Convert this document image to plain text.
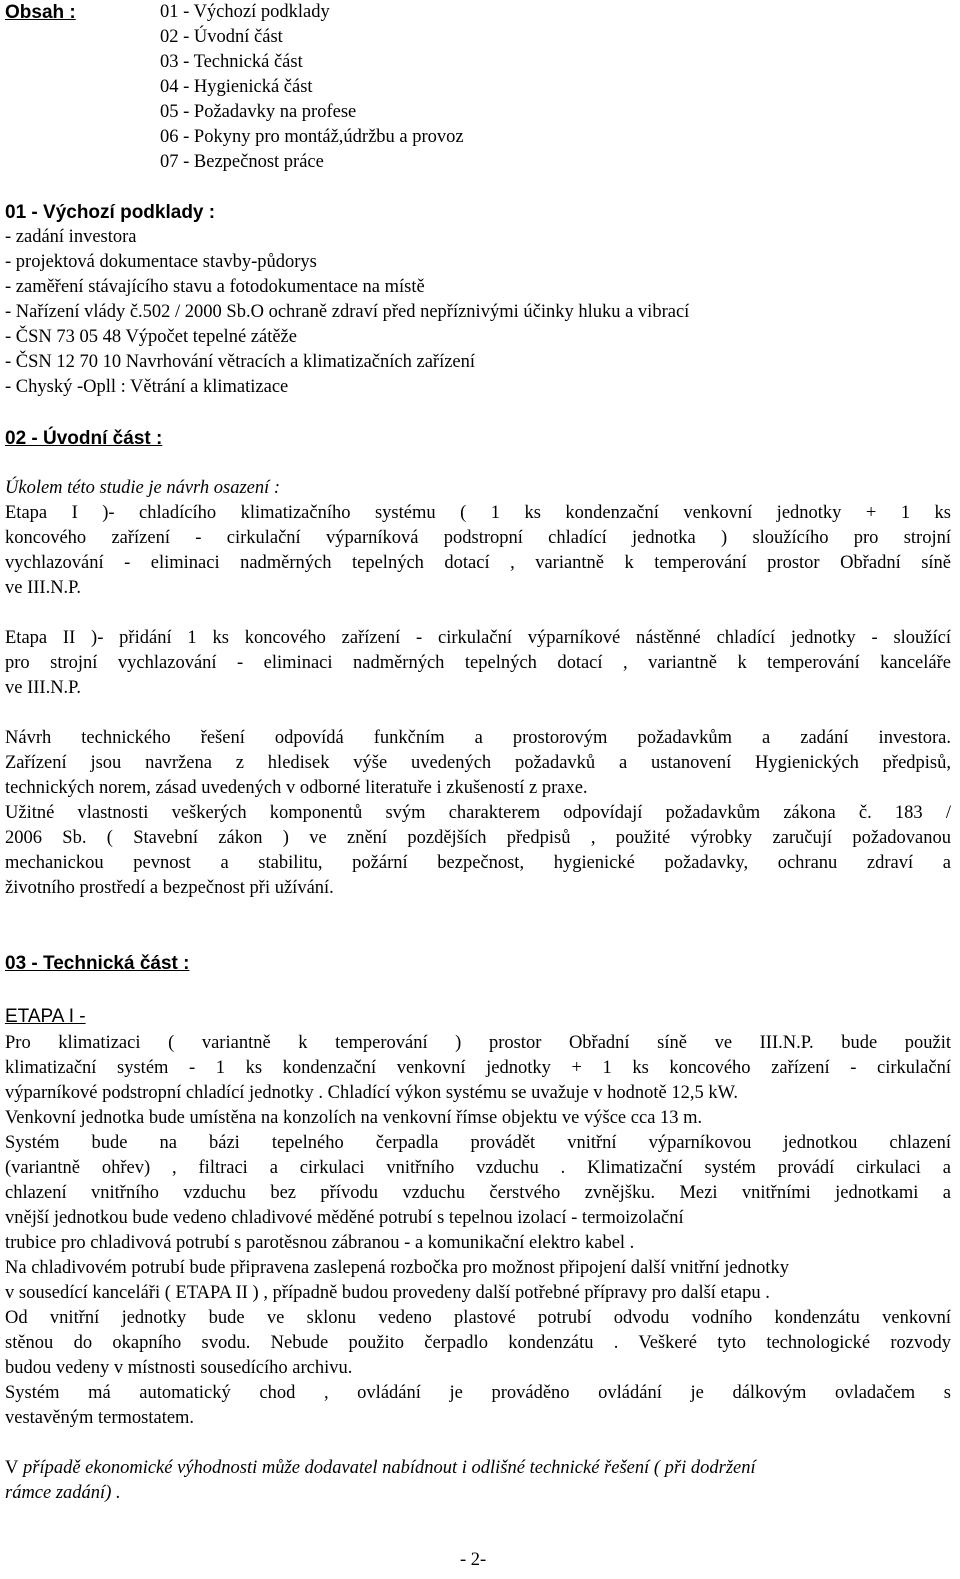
Obsah :	01 - Výchozí podklady
02 - Úvodní část
03 - Technická část
04 - Hygienická část
05 - Požadavky na profese
06 - Pokyny pro montáž,údržbu a provoz
07 - Bezpečnost práce
01 - Výchozí podklady :
- zadání investora
- projektová dokumentace stavby-půdorys
- zaměření stávajícího stavu a fotodokumentace na místě
- Nařízení vlády č.502 / 2000 Sb.O ochraně zdraví před nepříznivými účinky hluku a vibrací
- ČSN 73 05 48 Výpočet tepelné zátěže
- ČSN 12 70 10 Navrhování větracích a klimatizačních zařízení
- Chyský -Opll : Větrání a klimatizace
02 - Úvodní část :
Úkolem této studie je návrh osazení :
Etapa I )- chladícího klimatizačního systému ( 1 ks kondenzační venkovní jednotky + 1 ks
koncového zařízení - cirkulační výparníková podstropní chladící jednotka ) sloužícího pro strojní
vychlazování - eliminaci nadměrných tepelných dotací , variantně k temperování prostor Obřadní síně
ve III.N.P.
Etapa II )- přidání 1 ks koncového zařízení - cirkulační výparníkové nástěnné chladící jednotky - sloužící
pro strojní vychlazování - eliminaci nadměrných tepelných dotací , variantně k temperování kanceláře
ve III.N.P.
Návrh technického řešení odpovídá funkčním a prostorovým požadavkům a zadání investora.
Zařízení jsou navržena z hledisek výše uvedených požadavků a ustanovení Hygienických předpisů,
technických norem, zásad uvedených v odborné literatuře i zkušeností z praxe.
Užitné vlastnosti veškerých komponentů svým charakterem odpovídají požadavkům zákona č. 183 /
2006 Sb. ( Stavební zákon ) ve znění pozdějších předpisů , použité výrobky zaručují požadovanou
mechanickou pevnost a stabilitu, požární bezpečnost, hygienické požadavky, ochranu zdraví a
životního prostředí a bezpečnost při užívání.
03 - Technická část :
ETAPA I -
Pro klimatizaci ( variantně k temperování ) prostor Obřadní síně ve III.N.P. bude použit
klimatizační systém - 1 ks kondenzační venkovní jednotky + 1 ks koncového zařízení - cirkulační
výparníkové podstropní chladící jednotky . Chladící výkon systému se uvažuje v hodnotě 12,5 kW.
Venkovní jednotka bude umístěna na konzolích na venkovní římse objektu ve výšce cca 13 m.
Systém bude na bázi tepelného čerpadla provádět vnitřní výparníkovou jednotkou chlazení
(variantně ohřev) , filtraci a cirkulaci vnitřního vzduchu . Klimatizační systém provádí cirkulaci a
chlazení vnitřního vzduchu bez přívodu vzduchu čerstvého zvnějšku. Mezi vnitřními jednotkami a
vnější jednotkou bude vedeno chladivové měděné potrubí s tepelnou izolací - termoizolační
trubice pro chladivová potrubí s parotěsnou zábranou - a komunikační elektro kabel .
Na chladivovém potrubí bude připravena zaslepená rozbočka pro možnost připojení další vnitřní jednotky
v sousedící kanceláři ( ETAPA II ) , případně budou provedeny další potřebné přípravy pro další etapu .
Od vnitřní jednotky bude ve sklonu vedeno plastové potrubí odvodu vodního kondenzátu venkovní
stěnou do okapního svodu. Nebude použito čerpadlo kondenzátu . Veškeré tyto technologické rozvody
budou vedeny v místnosti sousedícího archivu.
Systém má automatický chod , ovládání je prováděno ovládání je dálkovým ovladačem s
vestavěným termostatem.
V případě ekonomické výhodnosti může dodavatel nabídnout i odlišné technické řešení ( při dodržení
rámce zadání) .
- 2-
